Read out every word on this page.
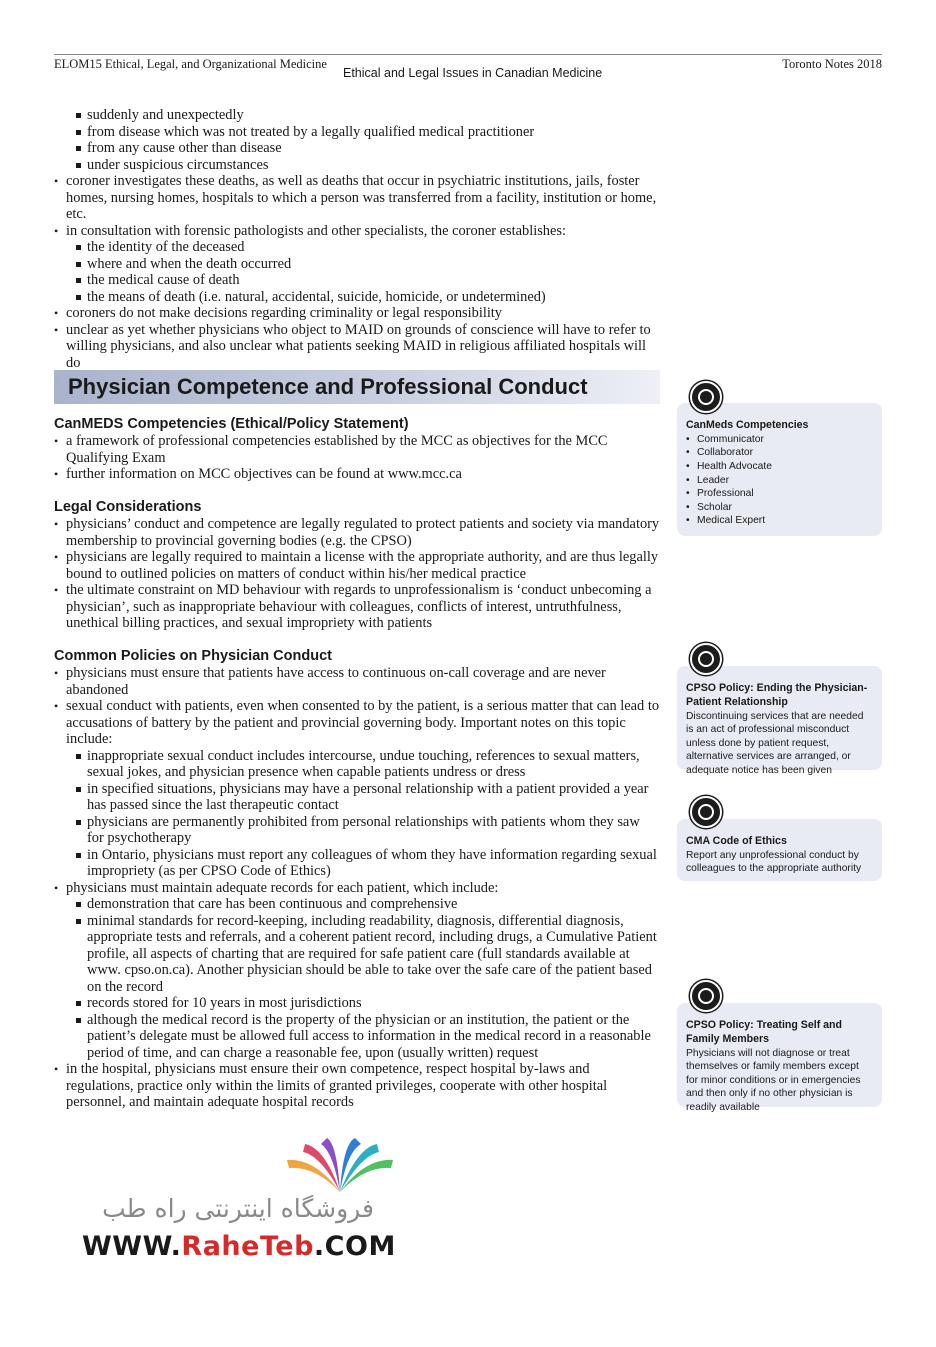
ELOM15 Ethical, Legal, and Organizational Medicine
Ethical and Legal Issues in Canadian Medicine
Toronto Notes 2018
suddenly and unexpectedly
from disease which was not treated by a legally qualified medical practitioner
from any cause other than disease
under suspicious circumstances
• coroner investigates these deaths, as well as deaths that occur in psychiatric institutions, jails, foster homes, nursing homes, hospitals to which a person was transferred from a facility, institution or home, etc.
• in consultation with forensic pathologists and other specialists, the coroner establishes:
the identity of the deceased
where and when the death occurred
the medical cause of death
the means of death (i.e. natural, accidental, suicide, homicide, or undetermined)
• coroners do not make decisions regarding criminality or legal responsibility
• unclear as yet whether physicians who object to MAID on grounds of conscience will have to refer to willing physicians, and also unclear what patients seeking MAID in religious affiliated hospitals will do
Physician Competence and Professional Conduct
CanMEDS Competencies (Ethical/Policy Statement)
• a framework of professional competencies established by the MCC as objectives for the MCC Qualifying Exam
• further information on MCC objectives can be found at www.mcc.ca
Legal Considerations
• physicians’ conduct and competence are legally regulated to protect patients and society via mandatory membership to provincial governing bodies (e.g. the CPSO)
• physicians are legally required to maintain a license with the appropriate authority, and are thus legally bound to outlined policies on matters of conduct within his/her medical practice
• the ultimate constraint on MD behaviour with regards to unprofessionalism is ‘conduct unbecoming a physician’, such as inappropriate behaviour with colleagues, conflicts of interest, untruthfulness, unethical billing practices, and sexual impropriety with patients
Common Policies on Physician Conduct
• physicians must ensure that patients have access to continuous on-call coverage and are never abandoned
• sexual conduct with patients, even when consented to by the patient, is a serious matter that can lead to accusations of battery by the patient and provincial governing body. Important notes on this topic include:
inappropriate sexual conduct includes intercourse, undue touching, references to sexual matters, sexual jokes, and physician presence when capable patients undress or dress
in specified situations, physicians may have a personal relationship with a patient provided a year has passed since the last therapeutic contact
physicians are permanently prohibited from personal relationships with patients whom they saw for psychotherapy
in Ontario, physicians must report any colleagues of whom they have information regarding sexual impropriety (as per CPSO Code of Ethics)
• physicians must maintain adequate records for each patient, which include:
demonstration that care has been continuous and comprehensive
minimal standards for record-keeping, including readability, diagnosis, differential diagnosis, appropriate tests and referrals, and a coherent patient record, including drugs, a Cumulative Patient profile, all aspects of charting that are required for safe patient care (full standards available at www. cpso.on.ca). Another physician should be able to take over the safe care of the patient based on the record
records stored for 10 years in most jurisdictions
although the medical record is the property of the physician or an institution, the patient or the patient’s delegate must be allowed full access to information in the medical record in a reasonable period of time, and can charge a reasonable fee, upon (usually written) request
• in the hospital, physicians must ensure their own competence, respect hospital by-laws and regulations, practice only within the limits of granted privileges, cooperate with other hospital personnel, and maintain adequate hospital records
CanMeds Competencies
• Communicator
• Collaborator
• Health Advocate
• Leader
• Professional
• Scholar
• Medical Expert
CPSO Policy: Ending the Physician-Patient Relationship
Discontinuing services that are needed is an act of professional misconduct unless done by patient request, alternative services are arranged, or adequate notice has been given
CMA Code of Ethics
Report any unprofessional conduct by colleagues to the appropriate authority
CPSO Policy: Treating Self and Family Members
Physicians will not diagnose or treat themselves or family members except for minor conditions or in emergencies and then only if no other physician is readily available
فروشگاه اینترنتی راه طب
WWW.RaheTeb.COM
